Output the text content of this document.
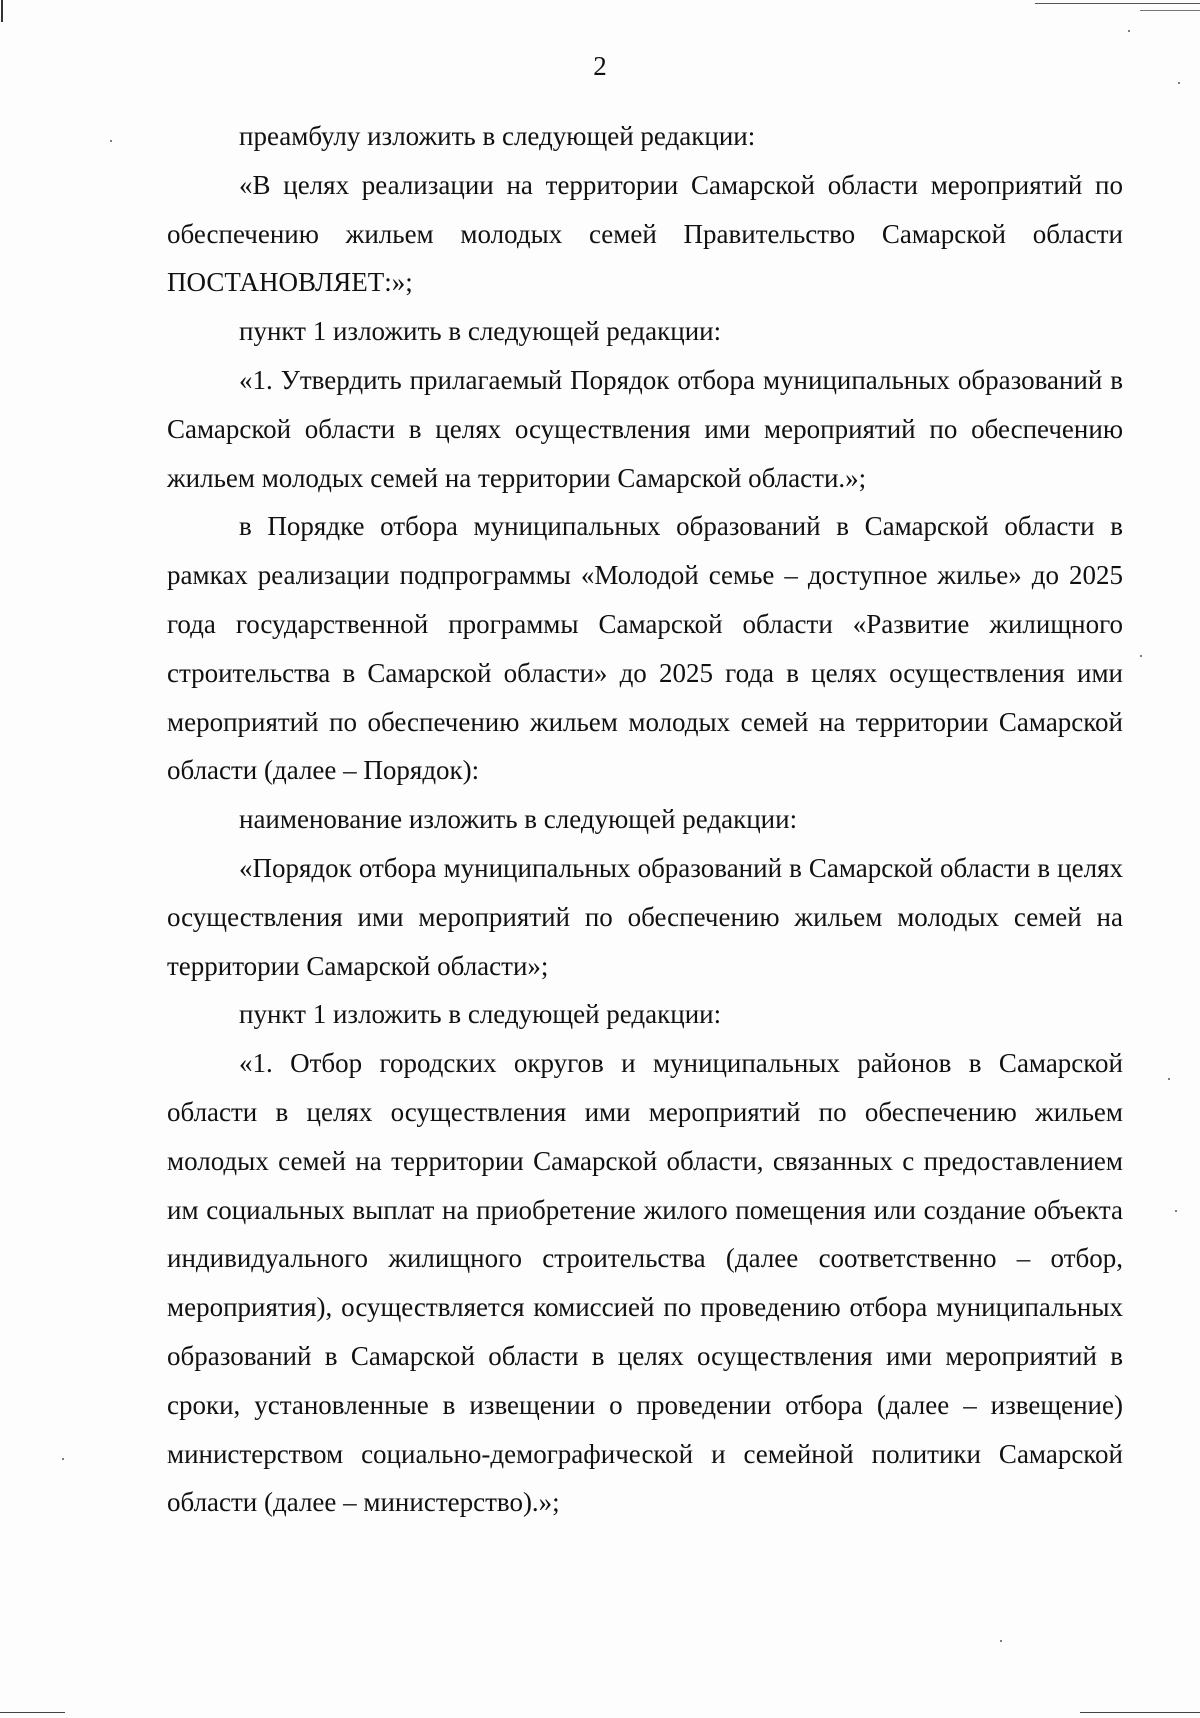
2

преамбулу изложить в следующей редакции:

«В целях реализации на территории Самарской области мероприятий по обеспечению жильем молодых семей Правительство Самарской области ПОСТАНОВЛЯЕТ:»;

пункт 1 изложить в следующей редакции:

«1. Утвердить прилагаемый Порядок отбора муниципальных образований в Самарской области в целях осуществления ими мероприятий по обеспечению жильем молодых семей на территории Самарской области.»;

в Порядке отбора муниципальных образований в Самарской области в рамках реализации подпрограммы «Молодой семье – доступное жилье» до 2025 года государственной программы Самарской области «Развитие жилищного строительства в Самарской области» до 2025 года в целях осуществления ими мероприятий по обеспечению жильем молодых семей на территории Самарской области (далее – Порядок):

наименование изложить в следующей редакции:

«Порядок отбора муниципальных образований в Самарской области в целях осуществления ими мероприятий по обеспечению жильем молодых семей на территории Самарской области»;

пункт 1 изложить в следующей редакции:

«1. Отбор городских округов и муниципальных районов в Самарской области в целях осуществления ими мероприятий по обеспечению жильем молодых семей на территории Самарской области, связанных с предоставлением им социальных выплат на приобретение жилого помещения или создание объекта индивидуального жилищного строительства (далее соответственно – отбор, мероприятия), осуществляется комиссией по проведению отбора муниципальных образований в Самарской области в целях осуществления ими мероприятий в сроки, установленные в извещении о проведении отбора (далее – извещение) министерством социально-демографической и семейной политики Самарской области (далее – министерство).»;
